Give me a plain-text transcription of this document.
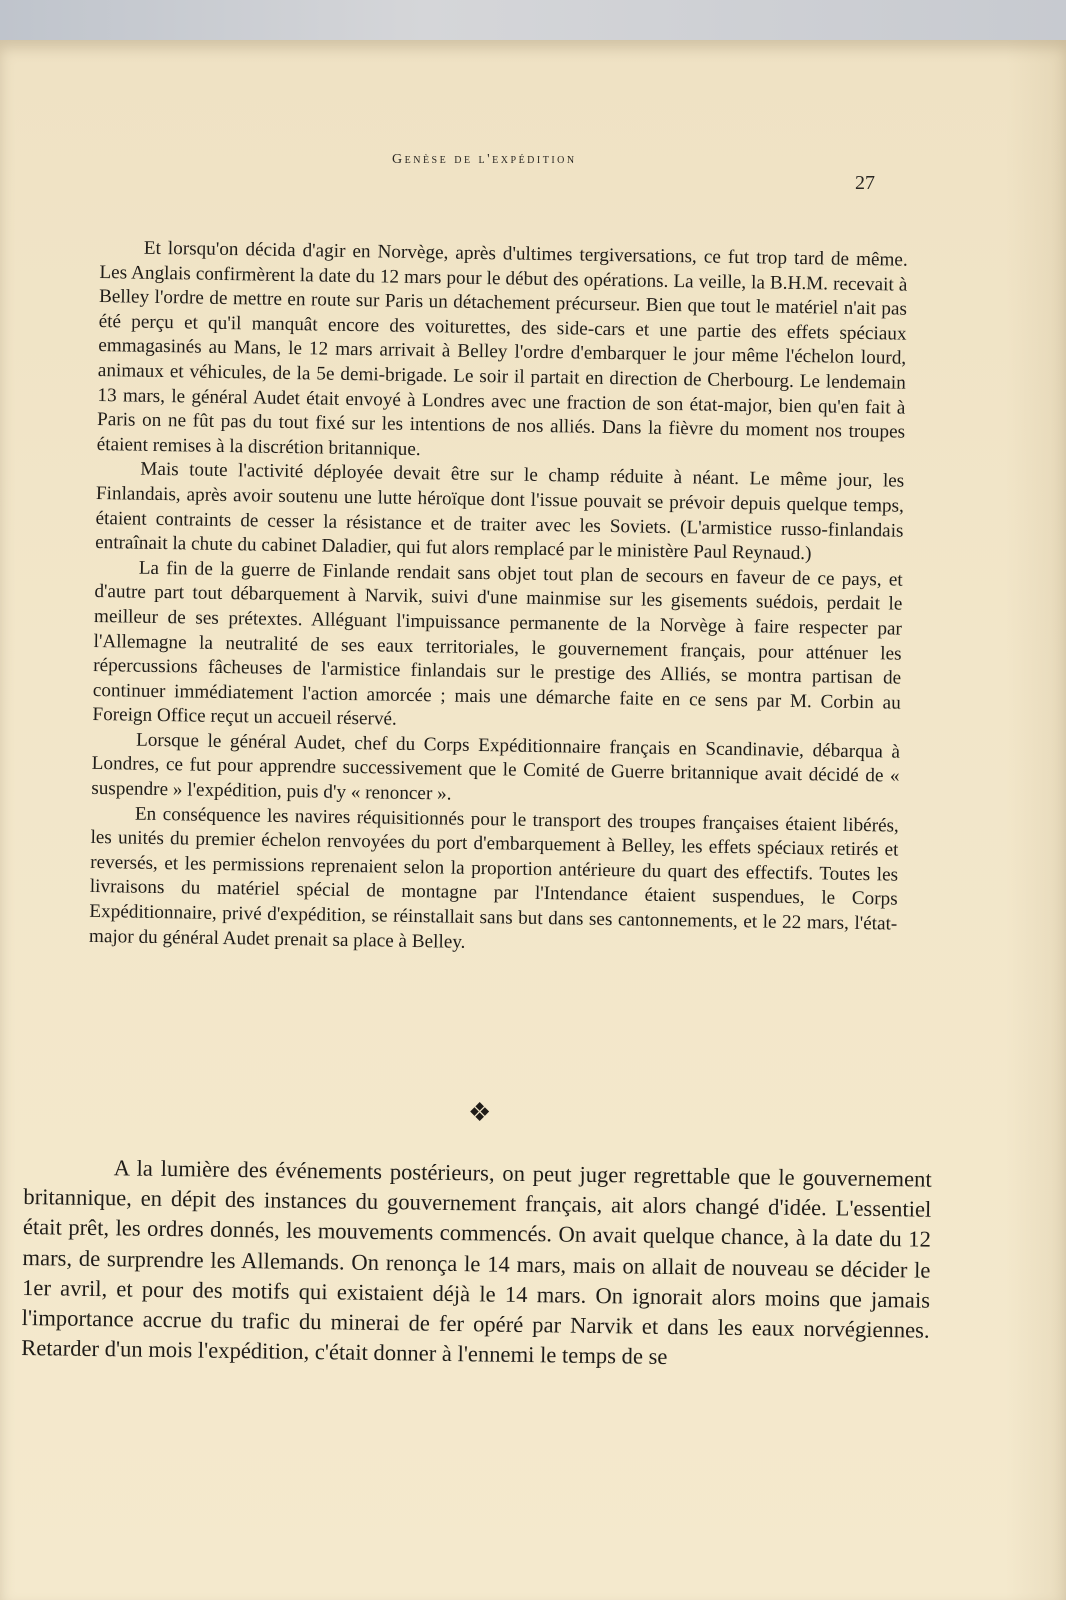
Genèse de l'expédition
27

Et lorsqu'on décida d'agir en Norvège, après d'ultimes tergiversations, ce fut trop tard de même. Les Anglais confirmèrent la date du 12 mars pour le début des opérations. La veille, la B.H.M. recevait à Belley l'ordre de mettre en route sur Paris un détachement précurseur. Bien que tout le matériel n'ait pas été perçu et qu'il manquât encore des voiturettes, des side-cars et une partie des effets spéciaux emmagasinés au Mans, le 12 mars arrivait à Belley l'ordre d'embarquer le jour même l'échelon lourd, animaux et véhicules, de la 5e demi-brigade. Le soir il partait en direction de Cherbourg. Le lendemain 13 mars, le général Audet était envoyé à Londres avec une fraction de son état-major, bien qu'en fait à Paris on ne fût pas du tout fixé sur les intentions de nos alliés. Dans la fièvre du moment nos troupes étaient remises à la discrétion britannique.

Mais toute l'activité déployée devait être sur le champ réduite à néant. Le même jour, les Finlandais, après avoir soutenu une lutte héroïque dont l'issue pouvait se prévoir depuis quelque temps, étaient contraints de cesser la résistance et de traiter avec les Soviets. (L'armistice russo-finlandais entraînait la chute du cabinet Daladier, qui fut alors remplacé par le ministère Paul Reynaud.)

La fin de la guerre de Finlande rendait sans objet tout plan de secours en faveur de ce pays, et d'autre part tout débarquement à Narvik, suivi d'une mainmise sur les gisements suédois, perdait le meilleur de ses prétextes. Alléguant l'impuissance permanente de la Norvège à faire respecter par l'Allemagne la neutralité de ses eaux territoriales, le gouvernement français, pour atténuer les répercussions fâcheuses de l'armistice finlandais sur le prestige des Alliés, se montra partisan de continuer immédiatement l'action amorcée ; mais une démarche faite en ce sens par M. Corbin au Foreign Office reçut un accueil réservé.

Lorsque le général Audet, chef du Corps Expéditionnaire français en Scandinavie, débarqua à Londres, ce fut pour apprendre successivement que le Comité de Guerre britannique avait décidé de « suspendre » l'expédition, puis d'y « renoncer ».

En conséquence les navires réquisitionnés pour le transport des troupes françaises étaient libérés, les unités du premier échelon renvoyées du port d'embarquement à Belley, les effets spéciaux retirés et reversés, et les permissions reprenaient selon la proportion antérieure du quart des effectifs. Toutes les livraisons du matériel spécial de montagne par l'Intendance étaient suspendues, le Corps Expéditionnaire, privé d'expédition, se réinstallait sans but dans ses cantonnements, et le 22 mars, l'état-major du général Audet prenait sa place à Belley.

❖

A la lumière des événements postérieurs, on peut juger regrettable que le gouvernement britannique, en dépit des instances du gouvernement français, ait alors changé d'idée. L'essentiel était prêt, les ordres donnés, les mouvements commencés. On avait quelque chance, à la date du 12 mars, de surprendre les Allemands. On renonça le 14 mars, mais on allait de nouveau se décider le 1er avril, et pour des motifs qui existaient déjà le 14 mars. On ignorait alors moins que jamais l'importance accrue du trafic du minerai de fer opéré par Narvik et dans les eaux norvégiennes. Retarder d'un mois l'expédition, c'était donner à l'ennemi le temps de se
